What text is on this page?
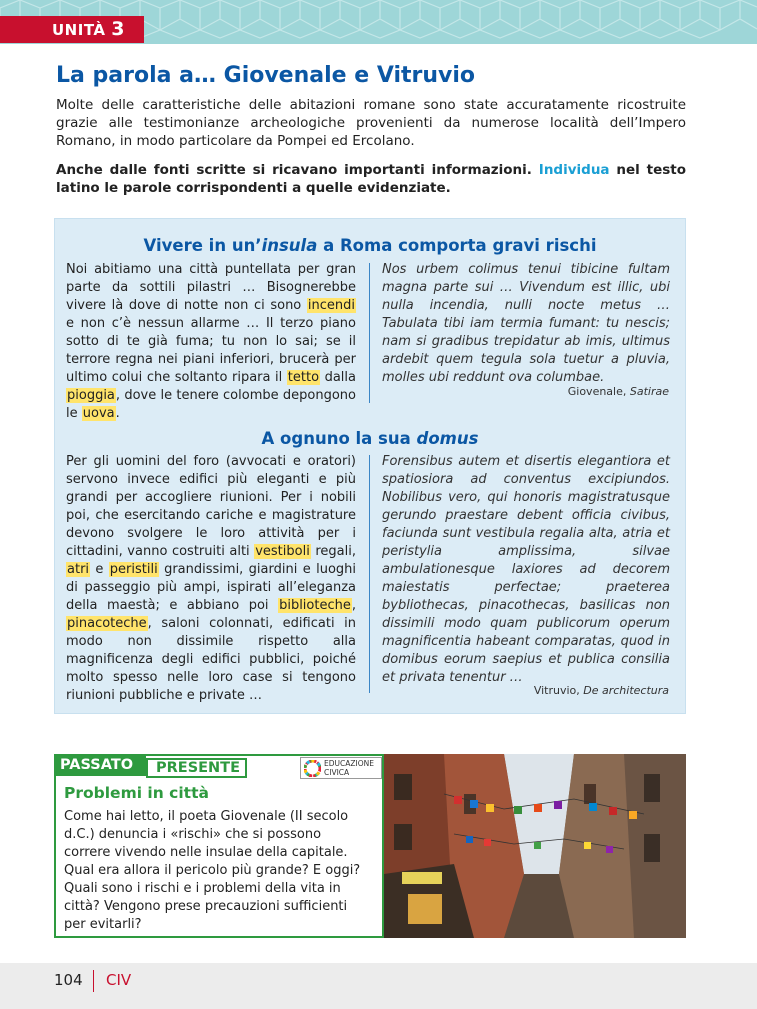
UNITÀ 3
La parola a… Giovenale e Vitruvio

Molte delle caratteristiche delle abitazioni romane sono state accuratamente ricostruite grazie alle testimonianze archeologiche provenienti da numerose località dell’Impero Romano, in modo particolare da Pompei ed Ercolano.

Anche dalle fonti scritte si ricavano importanti informazioni. Individua nel testo latino le parole corrispondenti a quelle evidenziate.

Vivere in un’insula a Roma comporta gravi rischi

Noi abitiamo una città puntellata per gran parte da sottili pilastri … Bisognerebbe vivere là dove di notte non ci sono incendi e non c’è nessun allarme … Il terzo piano sotto di te già fuma; tu non lo sai; se il terrore regna nei piani inferiori, brucerà per ultimo colui che soltanto ripara il tetto dalla pioggia, dove le tenere colombe depongono le uova.

Nos urbem colimus tenui tibicine fultam magna parte sui … Vivendum est illic, ubi nulla incendia, nulli nocte metus … Tabulata tibi iam termia fumant: tu nescis; nam si gradibus trepidatur ab imis, ultimus ardebit quem tegula sola tuetur a pluvia, molles ubi reddunt ova columbae.

Giovenale, Satirae

A ognuno la sua domus

Per gli uomini del foro (avvocati e oratori) servono invece edifici più eleganti e più grandi per accogliere riunioni. Per i nobili poi, che esercitando cariche e magistrature devono svolgere le loro attività per i cittadini, vanno costruiti alti vestiboli regali, atri e peristili grandissimi, giardini e luoghi di passeggio più ampi, ispirati all’eleganza della maestà; e abbiano poi biblioteche, pinacoteche, saloni colonnati, edificati in modo non dissimile rispetto alla magnificenza degli edifici pubblici, poiché molto spesso nelle loro case si tengono riunioni pubbliche e private …

Forensibus autem et disertis elegantiora et spatiosiora ad conventus excipiundos. Nobilibus vero, qui honoris magistratusque gerundo praestare debent officia civibus, faciunda sunt vestibula regalia alta, atria et peristylia amplissima, silvae ambulationesque laxiores ad decorem maiestatis perfectae; praeterea bybliothecas, pinacothecas, basilicas non dissimili modo quam publicorum operum magnificentia habeant comparatas, quod in domibus eorum saepius et publica consilia et privata tenentur …

Vitruvio, De architectura

PASSATO	PRESENTE	EDUCAZIONE
CIVICA

Problemi in città

Come hai letto, il poeta Giovenale (II secolo d.C.) denuncia i «rischi» che si possono correre vivendo nelle insulae della capitale. Qual era allora il pericolo più grande? E oggi? Quali sono i rischi e i problemi della vita in città? Vengono prese precauzioni sufficienti per evitarli?

104 CIV
